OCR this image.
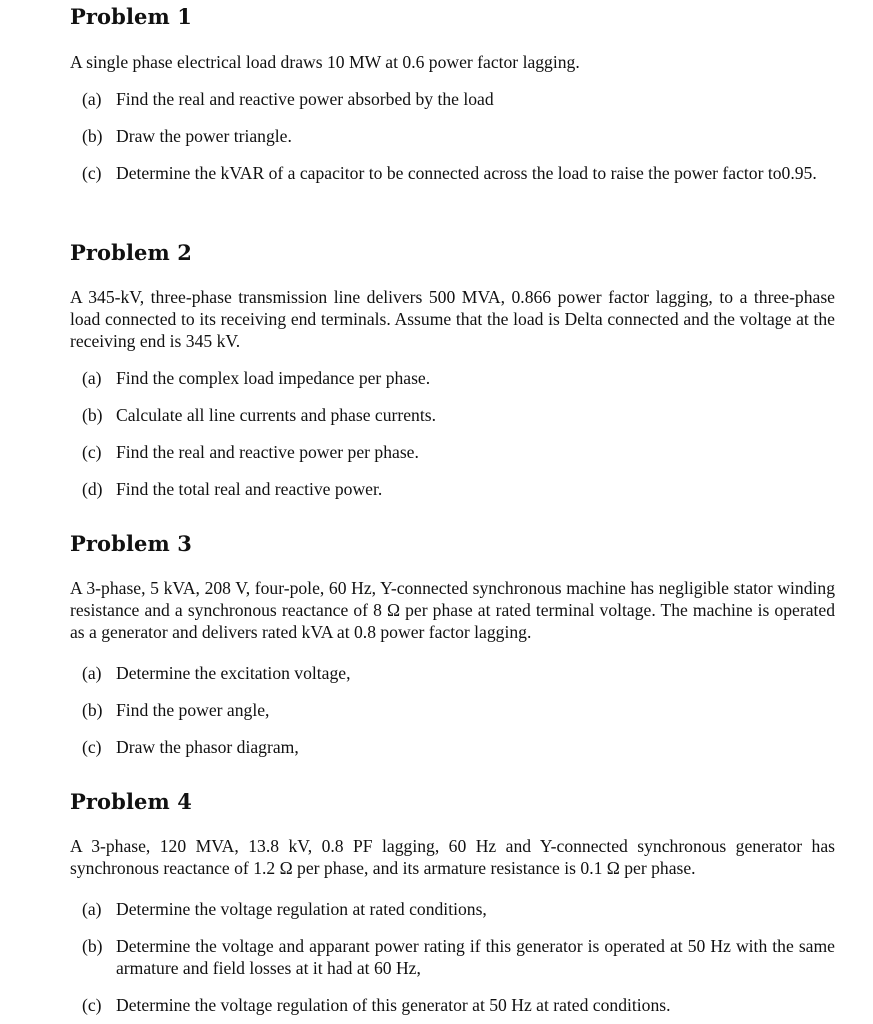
Problem 1

A single phase electrical load draws 10 MW at 0.6 power factor lagging.

(a) Find the real and reactive power absorbed by the load
(b) Draw the power triangle.
(c) Determine the kVAR of a capacitor to be connected across the load to raise the power factor to0.95.
Problem 2

A 345-kV, three-phase transmission line delivers 500 MVA, 0.866 power factor lagging, to a three-phase load connected to its receiving end terminals. Assume that the load is Delta connected and the voltage at the receiving end is 345 kV.

(a) Find the complex load impedance per phase.
(b) Calculate all line currents and phase currents.
(c) Find the real and reactive power per phase.
(d) Find the total real and reactive power.
Problem 3

A 3-phase, 5 kVA, 208 V, four-pole, 60 Hz, Y-connected synchronous machine has negligible stator winding resistance and a synchronous reactance of 8 Ω per phase at rated terminal voltage. The machine is operated as a generator and delivers rated kVA at 0.8 power factor lagging.

(a) Determine the excitation voltage,
(b) Find the power angle,
(c) Draw the phasor diagram,
Problem 4

A 3-phase, 120 MVA, 13.8 kV, 0.8 PF lagging, 60 Hz and Y-connected synchronous generator has synchronous reactance of 1.2 Ω per phase, and its armature resistance is 0.1 Ω per phase.

(a) Determine the voltage regulation at rated conditions,
(b) Determine the voltage and apparant power rating if this generator is operated at 50 Hz with the same armature and field losses at it had at 60 Hz,
(c) Determine the voltage regulation of this generator at 50 Hz at rated conditions.
